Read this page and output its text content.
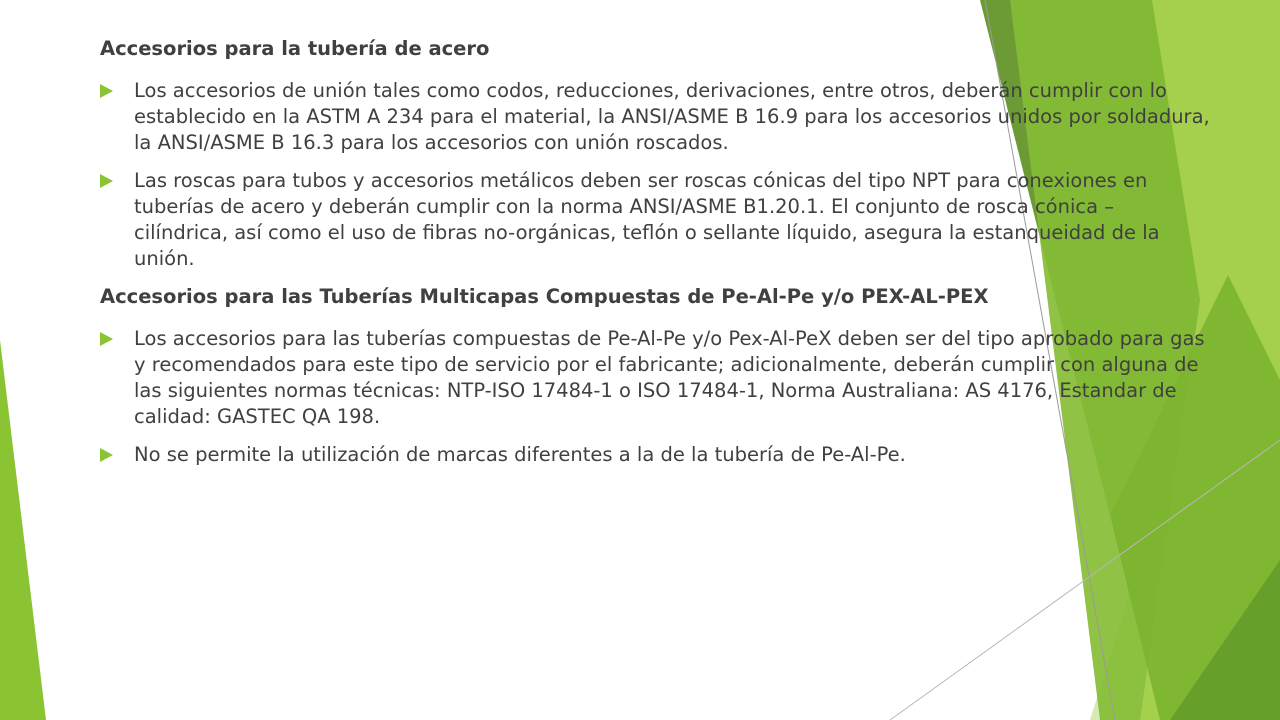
Accesorios para la tubería de acero
Los accesorios de unión tales como codos, reducciones, derivaciones, entre otros, deberán cumplir con lo establecido en la ASTM A 234 para el material, la ANSI/ASME B 16.9 para los accesorios unidos por soldadura, la ANSI/ASME B 16.3 para los accesorios con unión roscados.
Las roscas para tubos y accesorios metálicos deben ser roscas cónicas del tipo NPT para conexiones en tuberías de acero y deberán cumplir con la norma ANSI/ASME B1.20.1. El conjunto de rosca cónica – cilíndrica, así como el uso de fibras no-orgánicas, teflón o sellante líquido, asegura la estanqueidad de la unión.
Accesorios para las Tuberías Multicapas Compuestas de Pe-Al-Pe y/o PEX-AL-PEX
Los accesorios para las tuberías compuestas de Pe-Al-Pe y/o Pex-Al-PeX deben ser del tipo aprobado para gas y recomendados para este tipo de servicio por el fabricante; adicionalmente, deberán cumplir con alguna de las siguientes normas técnicas: NTP-ISO 17484-1 o ISO 17484-1, Norma Australiana: AS 4176, Estandar de calidad: GASTEC QA 198.
No se permite la utilización de marcas diferentes a la de la tubería de Pe-Al-Pe.
